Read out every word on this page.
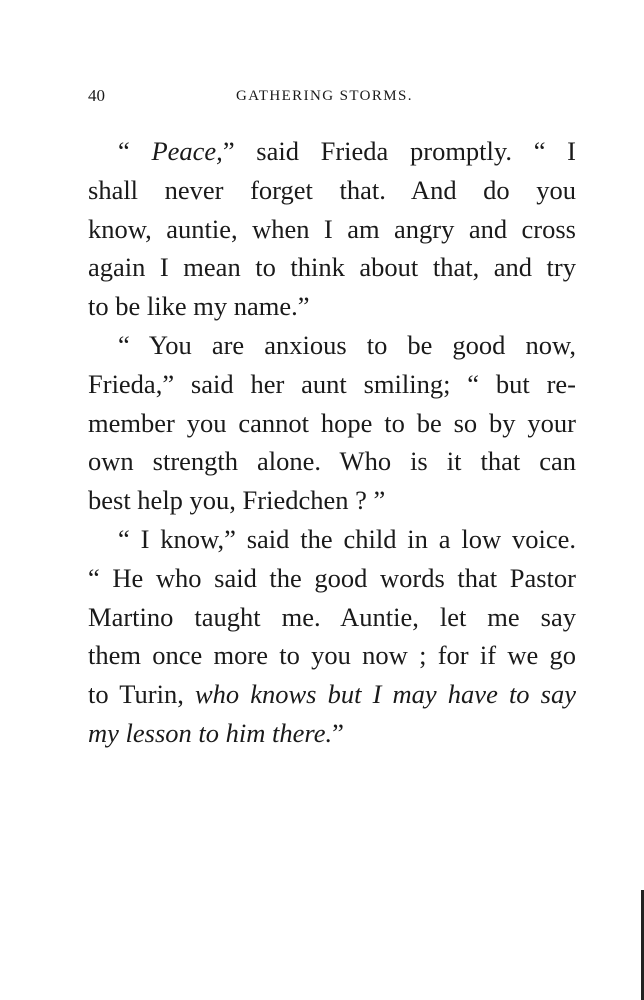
40	GATHERING STORMS.
“ Peace,” said Frieda promptly. “ I
shall never forget that. And do you
know, auntie, when I am angry and cross
again I mean to think about that, and try
to be like my name.”
“ You are anxious to be good now,
Frieda,” said her aunt smiling; “ but re-
member you cannot hope to be so by your
own strength alone. Who is it that can
best help you, Friedchen ? ”
“ I know,” said the child in a low voice.
“ He who said the good words that Pastor
Martino taught me. Auntie, let me say
them once more to you now ; for if we go
to Turin, who knows but I may have to say
my lesson to him there.”
